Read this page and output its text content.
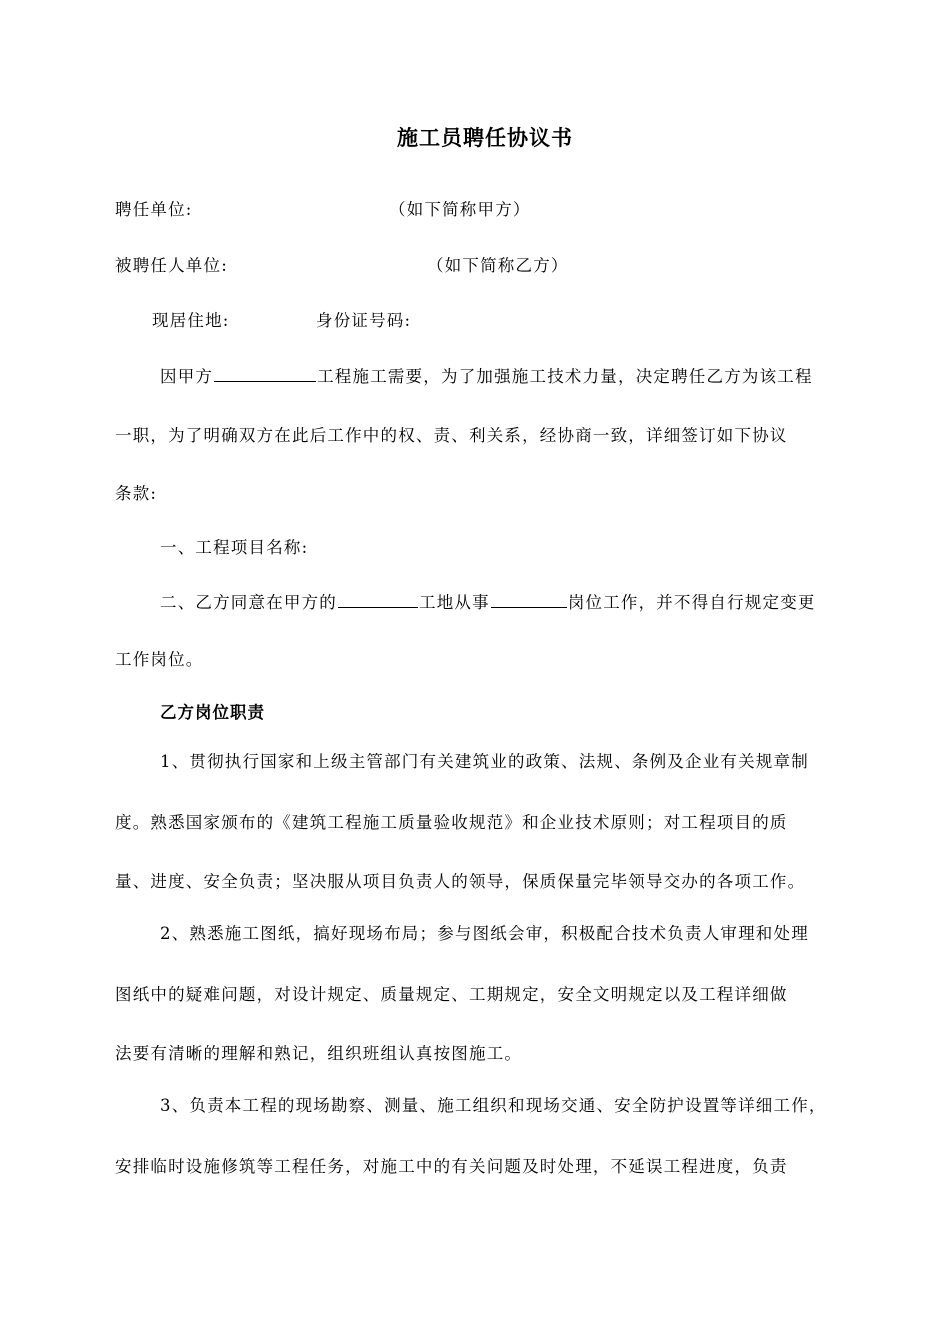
施工员聘任协议书
聘任单位:	（如下简称甲方）
被聘任人单位:	（如下简称乙方）
现居住地:	身份证号码:
因甲方	工程施工需要，为了加强施工技术力量，决定聘任乙方为该工程
一职，为了明确双方在此后工作中的权、责、利关系，经协商一致，详细签订如下协议
条款:
一、工程项目名称:
二、乙方同意在甲方的	工地从事	岗位工作，并不得自行规定变更
工作岗位。
乙方岗位职责
1、贯彻执行国家和上级主管部门有关建筑业的政策、法规、条例及企业有关规章制
度。熟悉国家颁布的《建筑工程施工质量验收规范》和企业技术原则；对工程项目的质
量、进度、安全负责；坚决服从项目负责人的领导，保质保量完毕领导交办的各项工作。
2、熟悉施工图纸，搞好现场布局；参与图纸会审，积极配合技术负责人审理和处理
图纸中的疑难问题，对设计规定、质量规定、工期规定，安全文明规定以及工程详细做
法要有清晰的理解和熟记，组织班组认真按图施工。
3、负责本工程的现场勘察、测量、施工组织和现场交通、安全防护设置等详细工作，
安排临时设施修筑等工程任务，对施工中的有关问题及时处理，不延误工程进度，负责
